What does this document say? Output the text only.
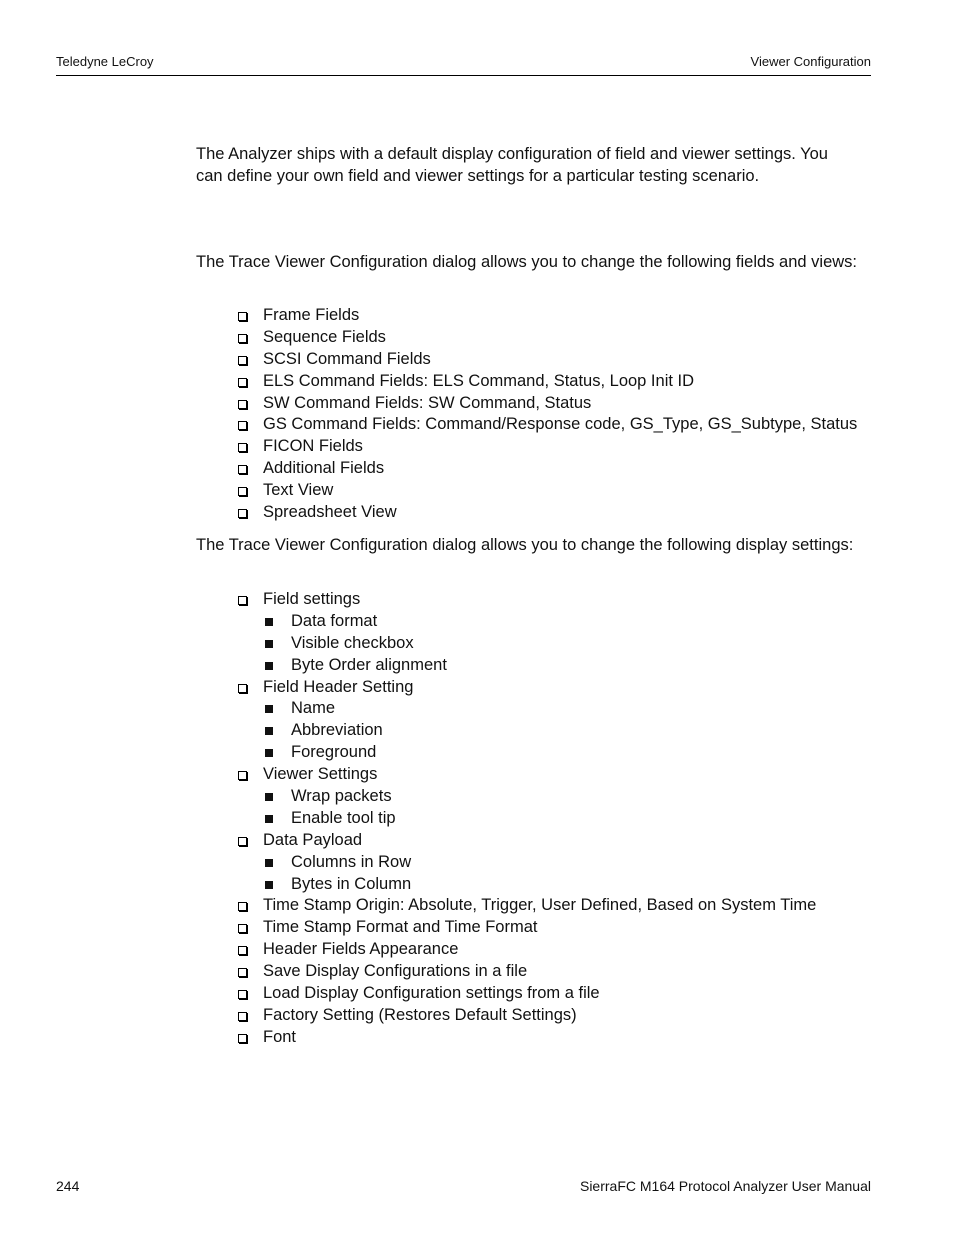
Teledyne LeCroy	Viewer Configuration

The Analyzer ships with a default display configuration of field and viewer settings. You can define your own field and viewer settings for a particular testing scenario.

The Trace Viewer Configuration dialog allows you to change the following fields and views:

Frame Fields
Sequence Fields
SCSI Command Fields
ELS Command Fields: ELS Command, Status, Loop Init ID
SW Command Fields: SW Command, Status
GS Command Fields: Command/Response code, GS_Type, GS_Subtype, Status
FICON Fields
Additional Fields
Text View
Spreadsheet View

The Trace Viewer Configuration dialog allows you to change the following display settings:

Field settings
Data format
Visible checkbox
Byte Order alignment
Field Header Setting
Name
Abbreviation
Foreground
Viewer Settings
Wrap packets
Enable tool tip
Data Payload
Columns in Row
Bytes in Column
Time Stamp Origin: Absolute, Trigger, User Defined, Based on System Time
Time Stamp Format and Time Format
Header Fields Appearance
Save Display Configurations in a file
Load Display Configuration settings from a file
Factory Setting (Restores Default Settings)
Font
244	SierraFC M164 Protocol Analyzer User Manual
